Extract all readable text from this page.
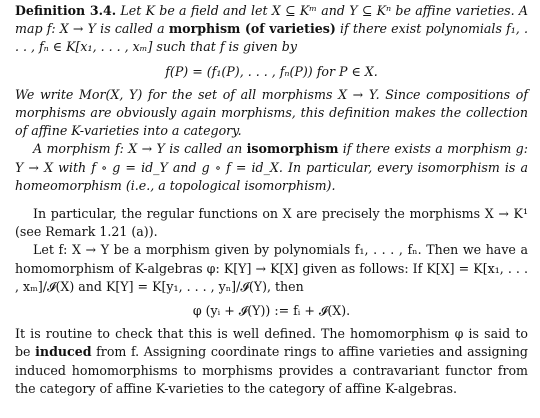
Definition 3.4. Let K be a field and let X ⊆ Kᵐ and Y ⊆ Kⁿ be affine varieties. A map f: X → Y is called a morphism (of varieties) if there exist polynomials f₁, . . . , fₙ ∈ K[x₁, . . . , xₘ] such that f is given by

f(P) = (f₁(P), . . . , fₙ(P)) for P ∈ X.

We write Mor(X, Y) for the set of all morphisms X → Y. Since compositions of morphisms are obviously again morphisms, this definition makes the collection of affine K-varieties into a category.

A morphism f: X → Y is called an isomorphism if there exists a morphism g: Y → X with f ∘ g = id_Y and g ∘ f = id_X. In particular, every isomorphism is a homeomorphism (i.e., a topological isomorphism).

In particular, the regular functions on X are precisely the morphisms X → K¹ (see Remark 1.21 (a)).

Let f: X → Y be a morphism given by polynomials f₁, . . . , fₙ. Then we have a homomorphism of K-algebras φ: K[Y] → K[X] given as follows: If K[X] = K[x₁, . . . , xₘ]/𝓘(X) and K[Y] = K[y₁, . . . , yₙ]/𝓘(Y), then

φ (yᵢ + 𝓘(Y)) := fᵢ + 𝓘(X).

It is routine to check that this is well defined. The homomorphism φ is said to be induced from f. Assigning coordinate rings to affine varieties and assigning induced homomorphisms to morphisms provides a contravariant functor from the category of affine K-varieties to the category of affine K-algebras.
